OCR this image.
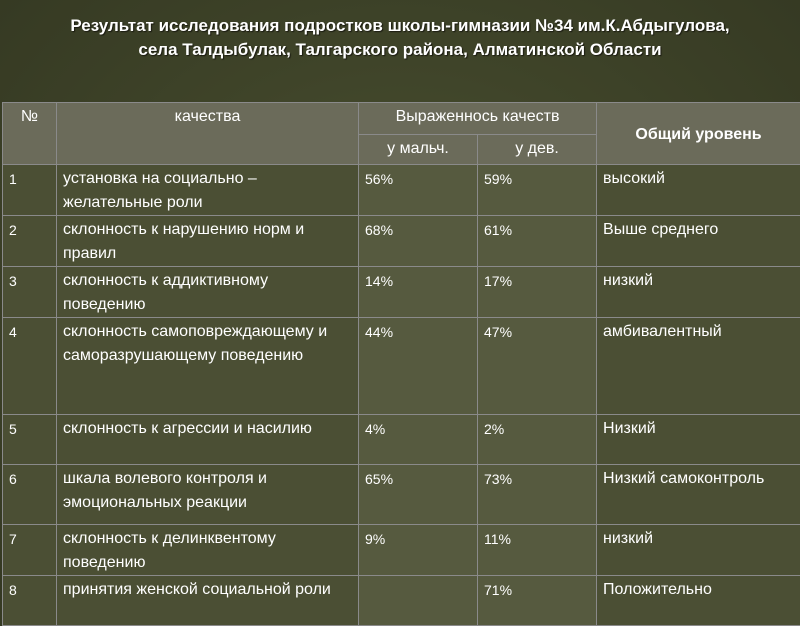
Результат исследования подростков школы-гимназии №34 им.К.Абдыгулова,
села Талдыбулак, Талгарского района, Алматинской Области
№	качества	Выраженнось качеств		Общий уровень
		у мальч.	у дев.	
1	установка на социально – желательные роли	56%	59%	высокий
2	склонность к нарушению норм и правил	68%	61%	Выше среднего
3	склонность к аддиктивному поведению	14%	17%	низкий
4	склонность самоповреждающему и саморазрушающему поведению	44%	47%	амбивалентный
5	склонность к агрессии и насилию	4%	2%	Низкий
6	шкала волевого контроля и эмоциональных реакции	65%	73%	Низкий самоконтроль
7	склонность к делинквентому поведению	9%	11%	низкий
8	принятия женской социальной роли		71%	Положительно
